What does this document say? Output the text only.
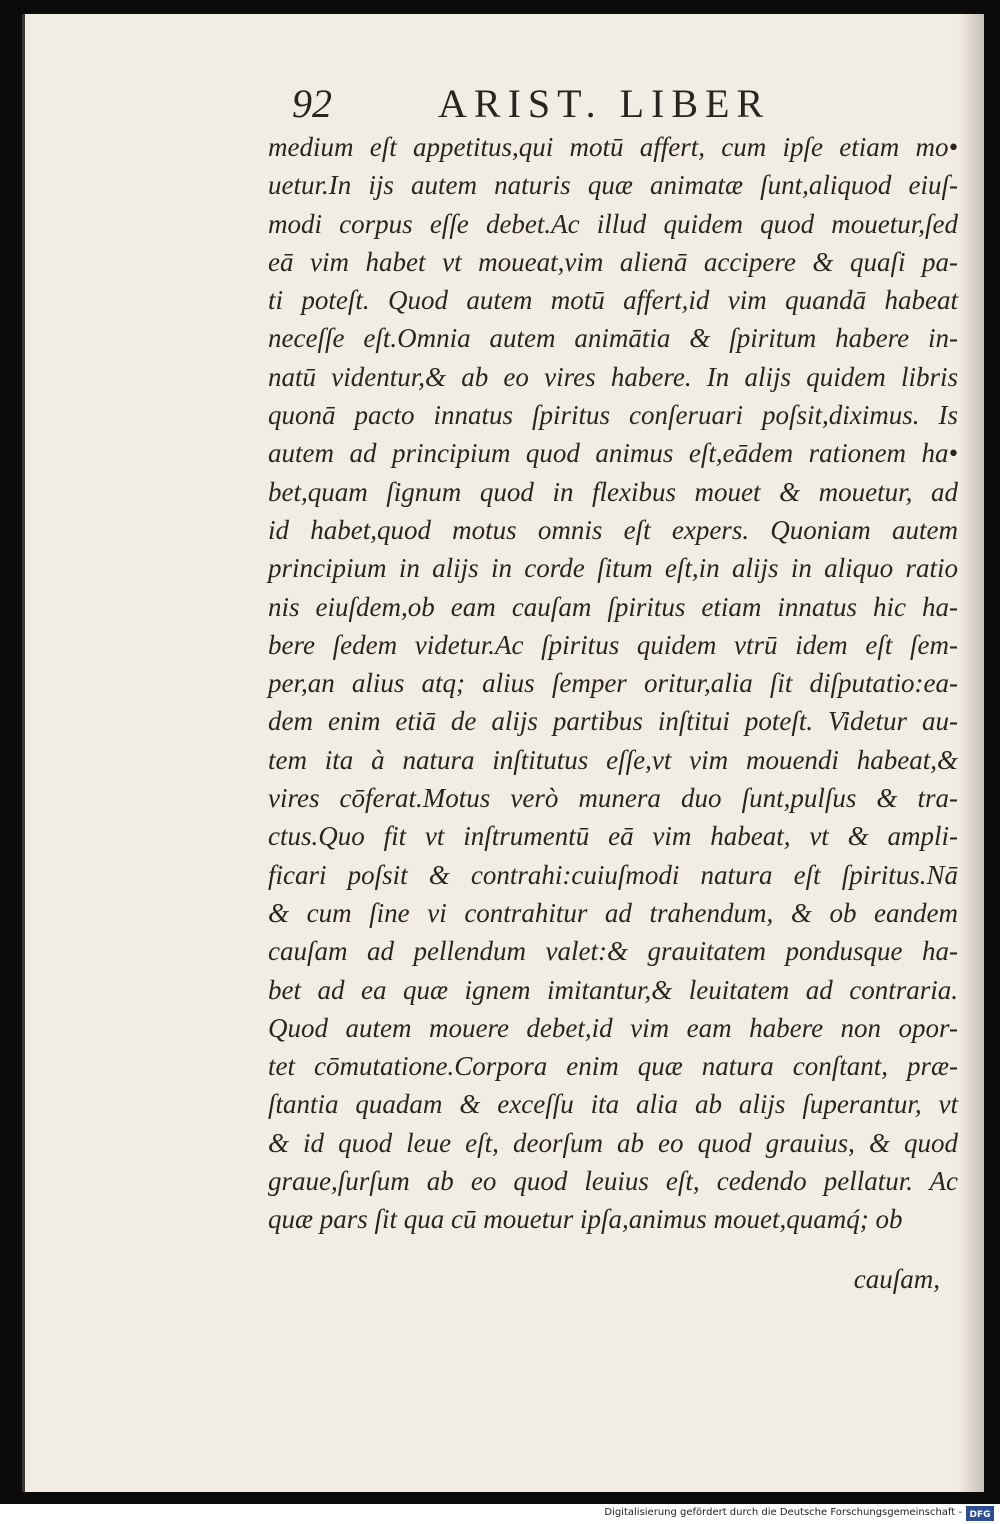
cauſam,
92	ARIST. LIBER
medium eſt appetitus,qui motū affert, cum ipſe etiam mo•
uetur.In ijs autem naturis quæ animatæ ſunt,aliquod eiuſ-
modi corpus eſſe debet.Ac illud quidem quod mouetur,ſed
eā vim habet vt moueat,vim alienā accipere & quaſi pa-
ti poteſt. Quod autem motū affert,id vim quandā habeat
neceſſe eſt.Omnia autem animātia & ſpiritum habere in-
natū videntur,& ab eo vires habere. In alijs quidem libris
quonā pacto innatus ſpiritus conſeruari poſsit,diximus. Is
autem ad principium quod animus eſt,eādem rationem ha•
bet,quam ſignum quod in flexibus mouet & mouetur, ad
id habet,quod motus omnis eſt expers. Quoniam autem
principium in alijs in corde ſitum eſt,in alijs in aliquo ratio
nis eiuſdem,ob eam cauſam ſpiritus etiam innatus hic ha-
bere ſedem videtur.Ac ſpiritus quidem vtrū idem eſt ſem-
per,an alius atq; alius ſemper oritur,alia ſit diſputatio:ea-
dem enim etiā de alijs partibus inſtitui poteſt. Videtur au-
tem ita à natura inſtitutus eſſe,vt vim mouendi habeat,&
vires cōferat.Motus verò munera duo ſunt,pulſus & tra-
ctus.Quo fit vt inſtrumentū eā vim habeat, vt & ampli-
ficari poſsit & contrahi:cuiuſmodi natura eſt ſpiritus.Nā
& cum ſine vi contrahitur ad trahendum, & ob eandem
cauſam ad pellendum valet:& grauitatem pondusque ha-
bet ad ea quæ ignem imitantur,& leuitatem ad contraria.
Quod autem mouere debet,id vim eam habere non opor-
tet cōmutatione.Corpora enim quæ natura conſtant, præ-
ſtantia quadam & exceſſu ita alia ab alijs ſuperantur, vt
& id quod leue eſt, deorſum ab eo quod grauius, & quod
graue,ſurſum ab eo quod leuius eſt, cedendo pellatur. Ac
quæ pars ſit qua cū mouetur ipſa,animus mouet,quamq́; ob
Digitalisierung gefördert durch die Deutsche Forschungsgemeinschaft - DFG
